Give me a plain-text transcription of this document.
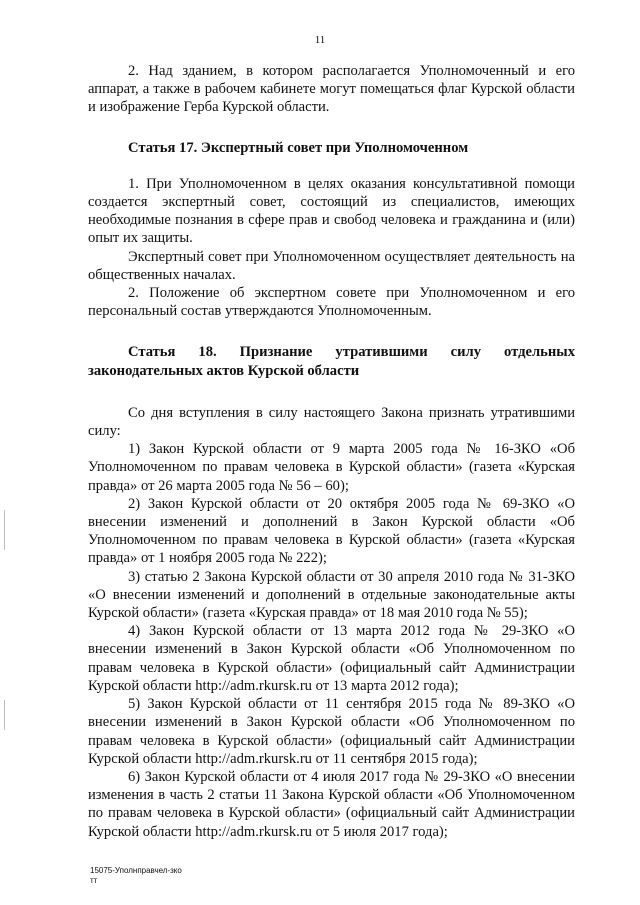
11

2. Над зданием, в котором располагается Уполномоченный и его аппарат, а также в рабочем кабинете могут помещаться флаг Курской области и изображение Герба Курской области.

Статья 17. Экспертный совет при Уполномоченном

1. При Уполномоченном в целях оказания консультативной помощи создается экспертный совет, состоящий из специалистов, имеющих необходимые познания в сфере прав и свобод человека и гражданина и (или) опыт их защиты.

Экспертный совет при Уполномоченном осуществляет деятельность на общественных началах.

2. Положение об экспертном совете при Уполномоченном и его персональный состав утверждаются Уполномоченным.

Статья 18. Признание утратившими силу отдельных законодательных актов Курской области

Со дня вступления в силу настоящего Закона признать утратившими силу:

1) Закон Курской области от 9 марта 2005 года № 16-ЗКО «Об Уполномоченном по правам человека в Курской области» (газета «Курская правда» от 26 марта 2005 года № 56 – 60);

2) Закон Курской области от 20 октября 2005 года № 69-ЗКО «О внесении изменений и дополнений в Закон Курской области «Об Уполномоченном по правам человека в Курской области» (газета «Курская правда» от 1 ноября 2005 года № 222);

3) статью 2 Закона Курской области от 30 апреля 2010 года № 31-ЗКО «О внесении изменений и дополнений в отдельные законодательные акты Курской области» (газета «Курская правда» от 18 мая 2010 года № 55);

4) Закон Курской области от 13 марта 2012 года № 29-ЗКО «О внесении изменений в Закон Курской области «Об Уполномоченном по правам человека в Курской области» (официальный сайт Администрации Курской области http://adm.rkursk.ru от 13 марта 2012 года);

5) Закон Курской области от 11 сентября 2015 года № 89-ЗКО «О внесении изменений в Закон Курской области «Об Уполномоченном по правам человека в Курской области» (официальный сайт Администрации Курской области http://adm.rkursk.ru от 11 сентября 2015 года);

6) Закон Курской области от 4 июля 2017 года № 29-ЗКО «О внесении изменения в часть 2 статьи 11 Закона Курской области «Об Уполномоченном по правам человека в Курской области» (официальный сайт Администрации Курской области http://adm.rkursk.ru от 5 июля 2017 года);

15075-Уполнправчел-зко
тт
